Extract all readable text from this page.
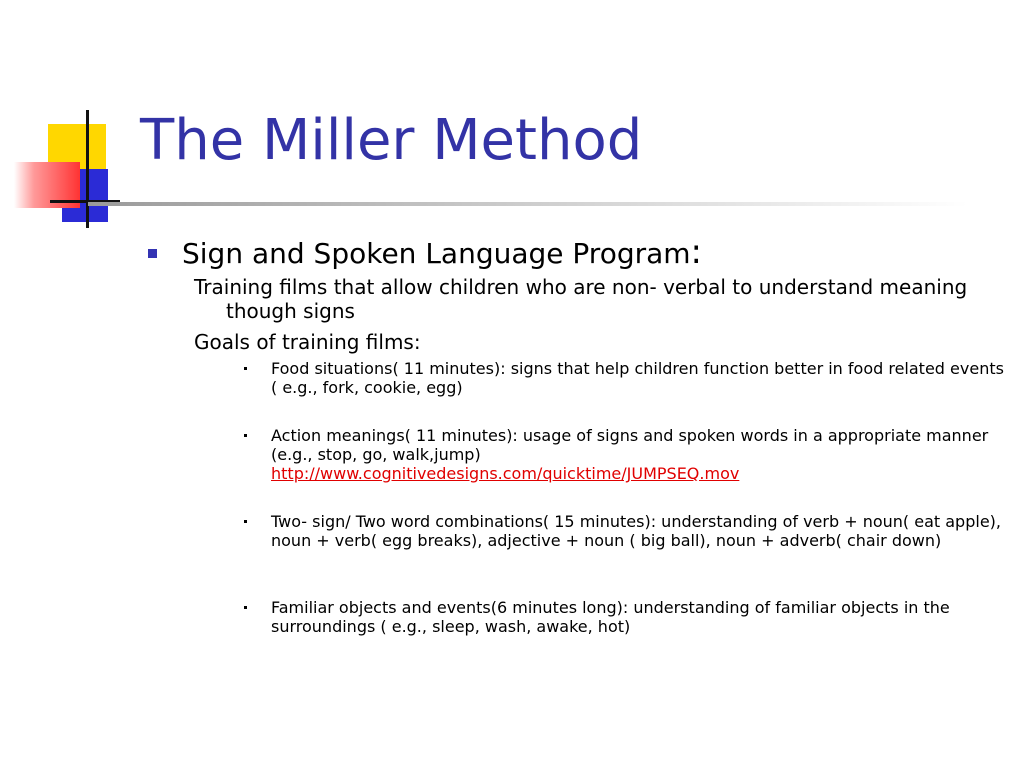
The Miller Method
Sign and Spoken Language Program:
Training films that allow children who are non- verbal to understand meaning though signs
Goals of training films:
Food situations( 11 minutes): signs that help children function better in food related events ( e.g., fork, cookie, egg)
Action meanings( 11 minutes): usage of signs and spoken words in a appropriate manner (e.g., stop, go, walk,jump)
http://www.cognitivedesigns.com/quicktime/JUMPSEQ.mov
Two- sign/ Two word combinations( 15 minutes): understanding of verb + noun( eat apple), noun + verb( egg breaks), adjective + noun ( big ball), noun + adverb( chair down)
Familiar objects and events(6 minutes long): understanding of familiar objects in the surroundings ( e.g., sleep, wash, awake, hot)
